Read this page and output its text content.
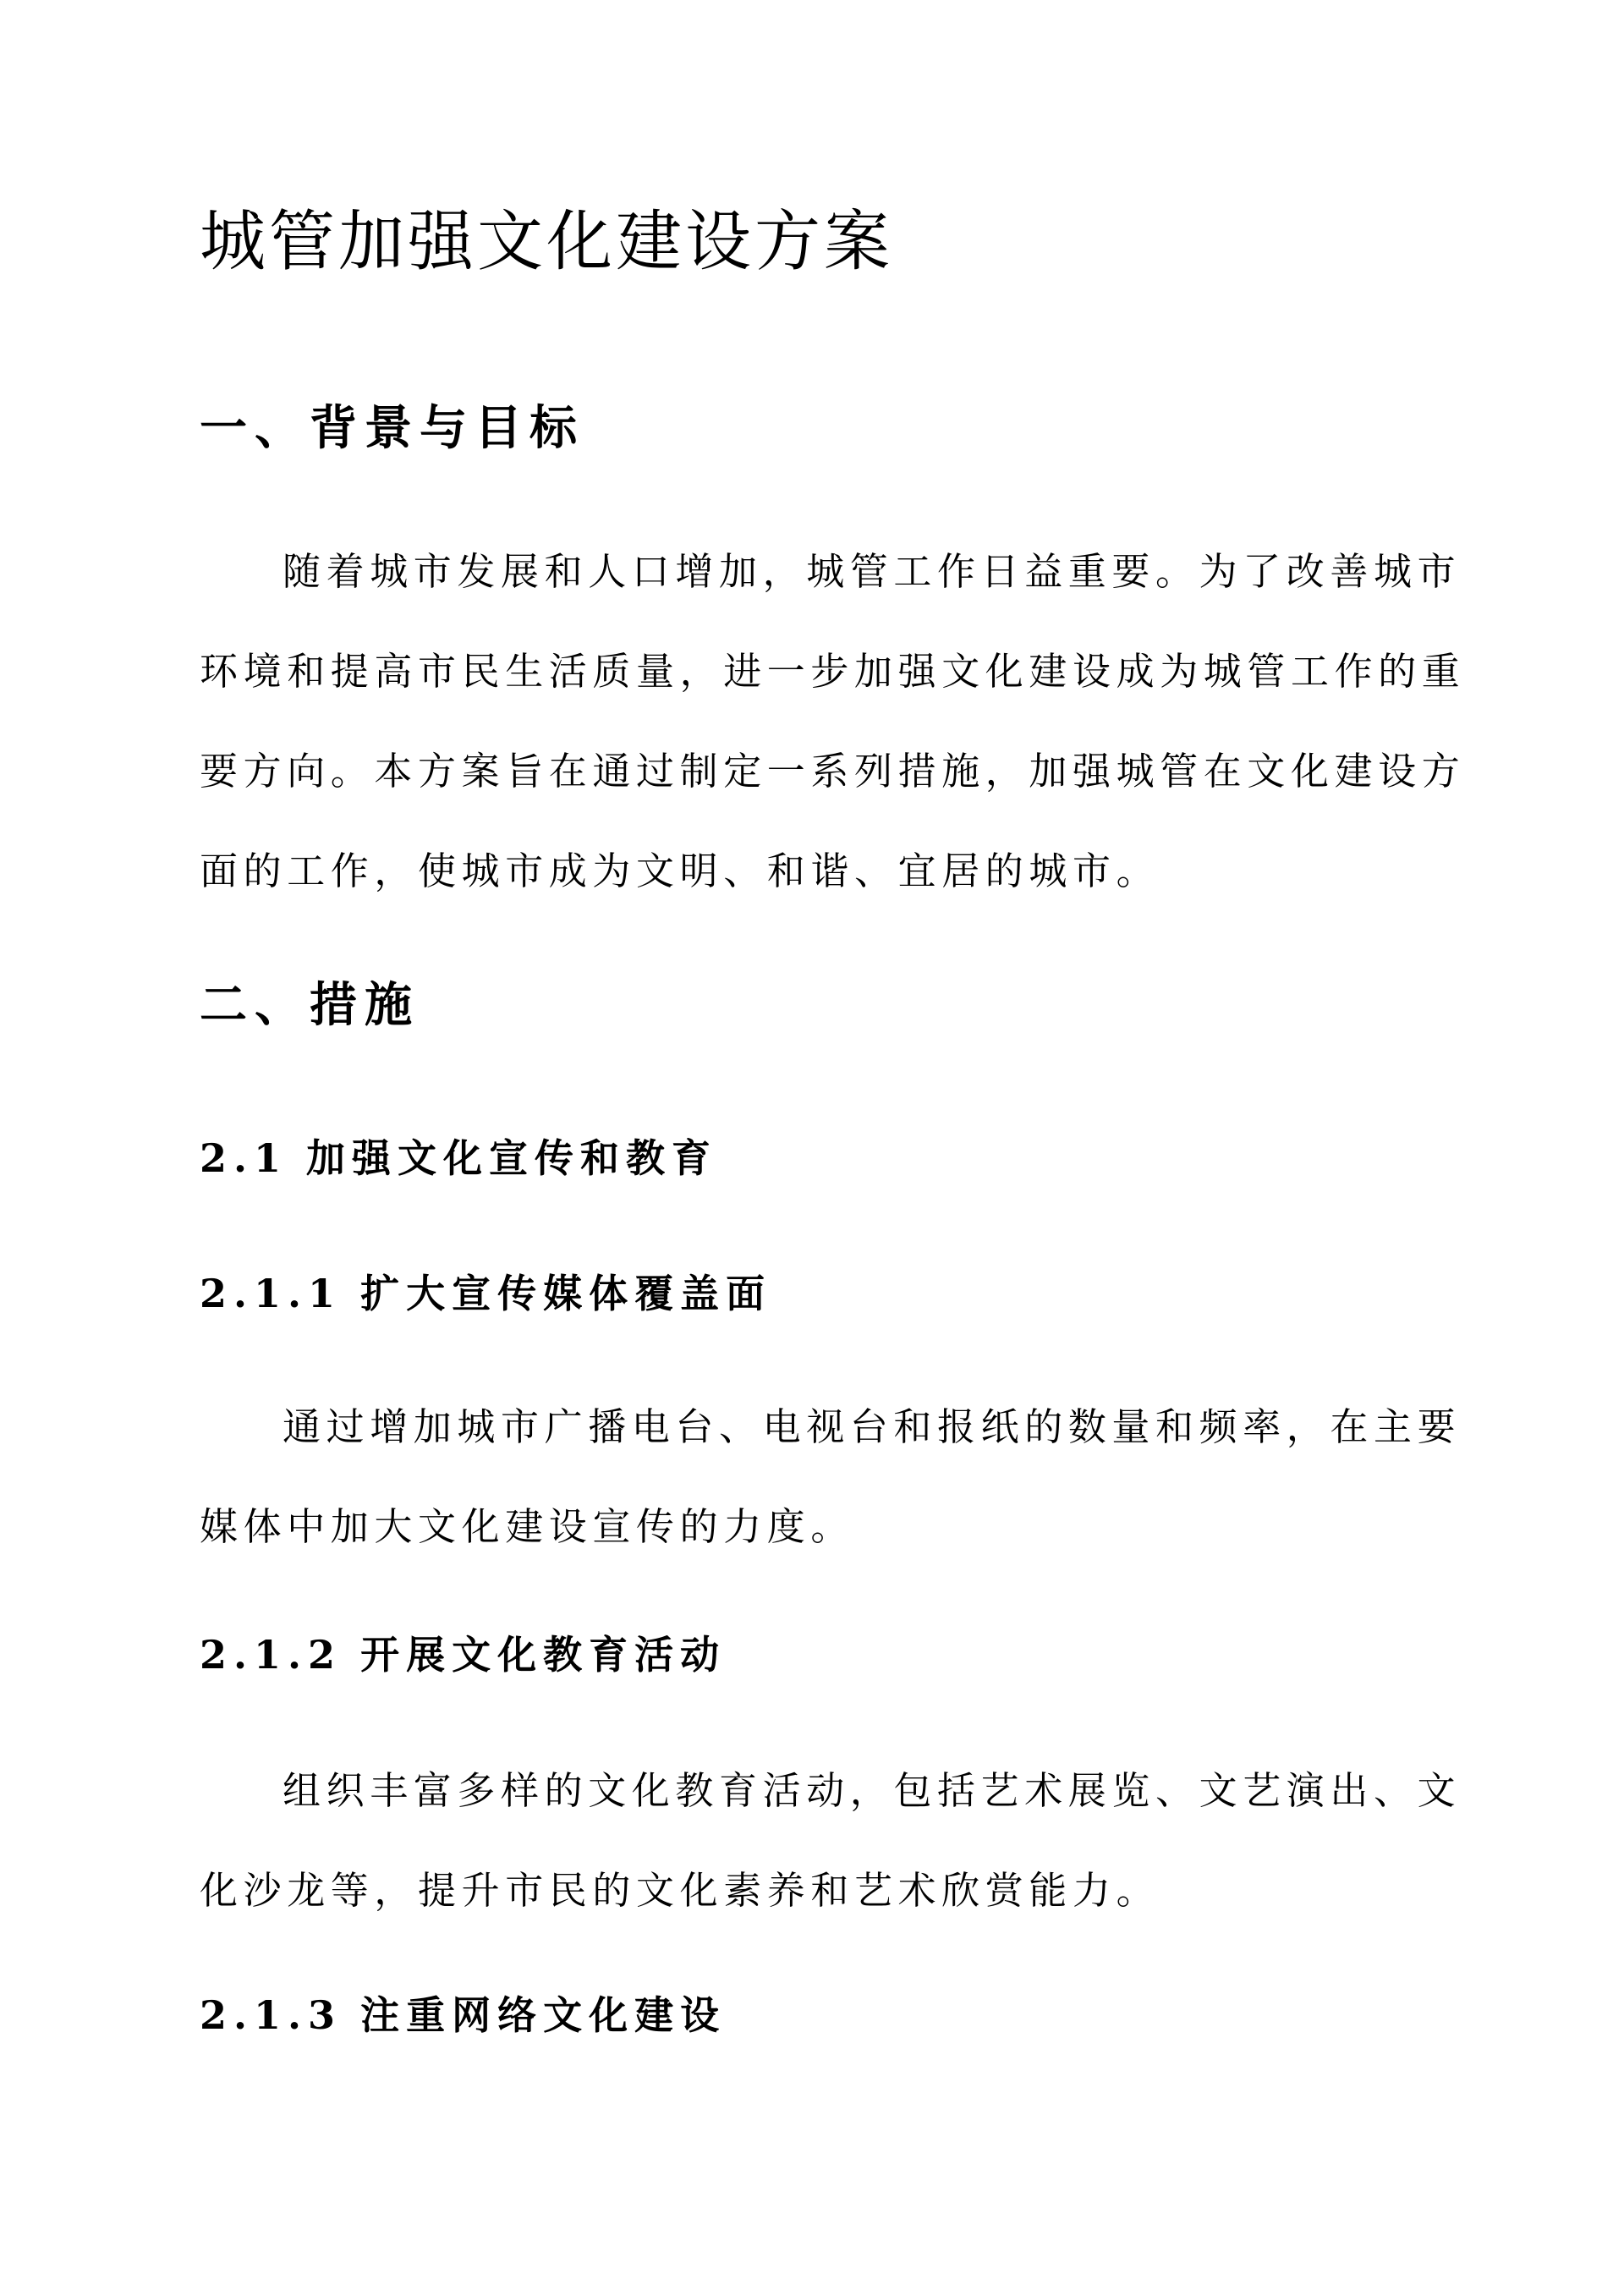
城管加强文化建设方案
一、背景与目标
随着城市发展和人口增加，城管工作日益重要。为了改善城市
环境和提高市民生活质量，进一步加强文化建设成为城管工作的重
要方向。本方案旨在通过制定一系列措施，加强城管在文化建设方
面的工作，使城市成为文明、和谐、宜居的城市。
二、措施
2.1 加强文化宣传和教育
2.1.1 扩大宣传媒体覆盖面
通过增加城市广播电台、电视台和报纸的数量和频率，在主要
媒体中加大文化建设宣传的力度。
2.1.2 开展文化教育活动
组织丰富多样的文化教育活动，包括艺术展览、文艺演出、文
化沙龙等，提升市民的文化素养和艺术欣赏能力。
2.1.3 注重网络文化建设
